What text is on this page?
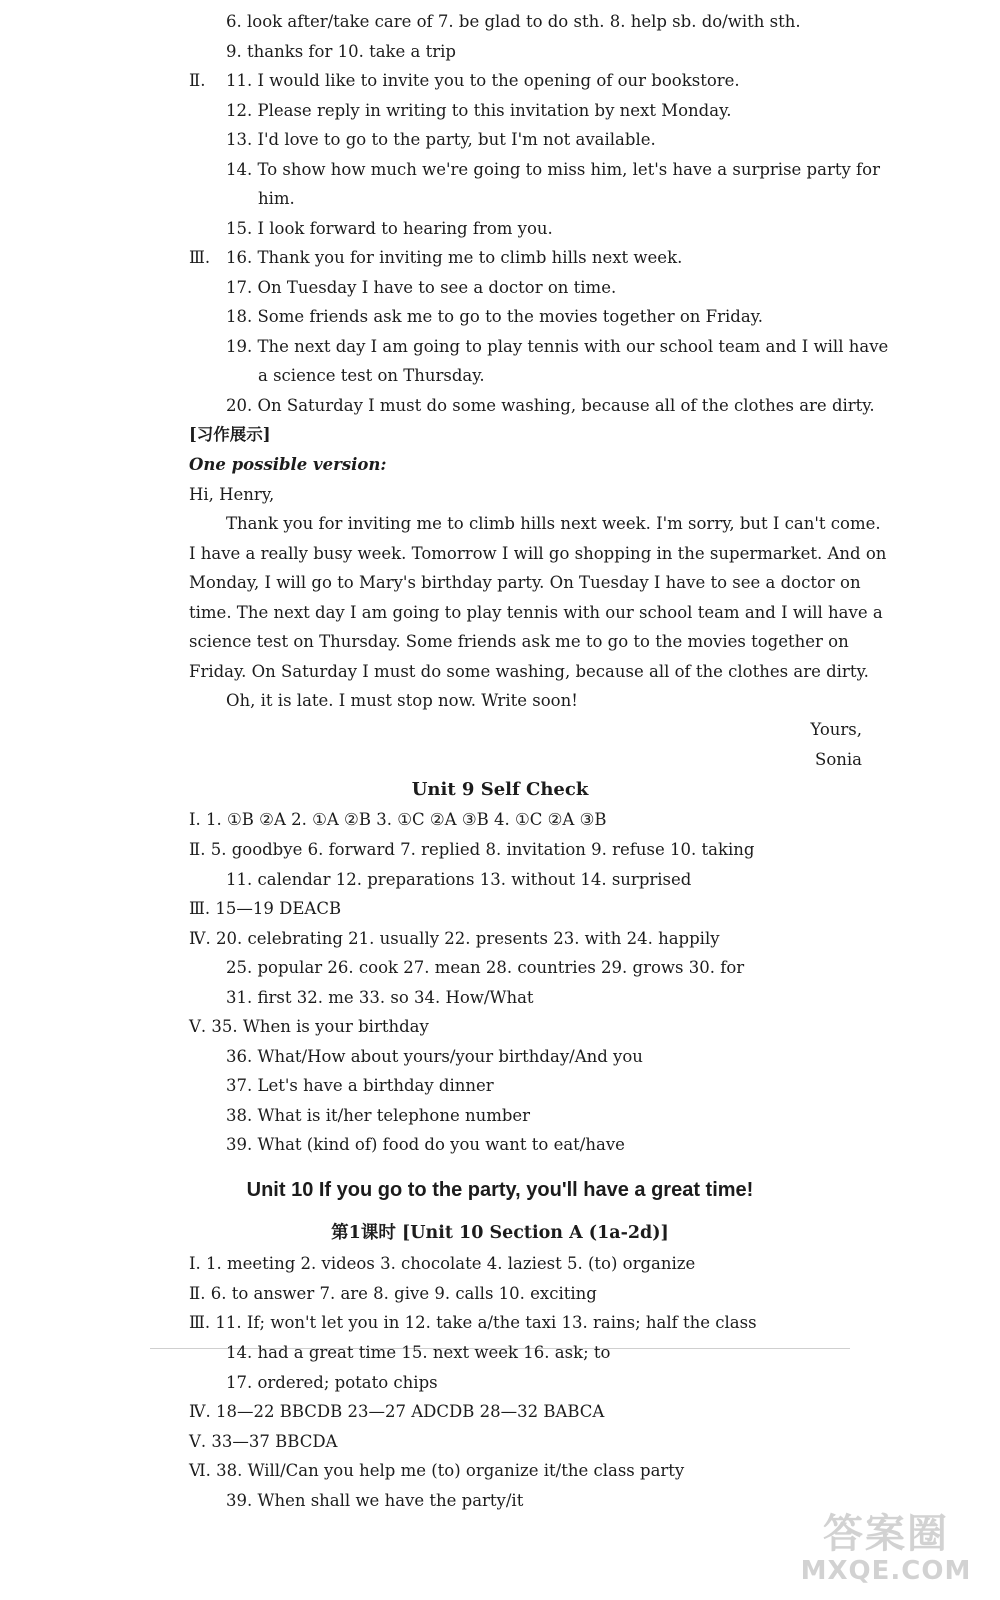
6. look after/take care of 7. be glad to do sth. 8. help sb. do/with sth.
9. thanks for 10. take a trip
Ⅱ. 11. I would like to invite you to the opening of our bookstore.
12. Please reply in writing to this invitation by next Monday.
13. I'd love to go to the party, but I'm not available.
14. To show how much we're going to miss him, let's have a surprise party for
him.
15. I look forward to hearing from you.
Ⅲ. 16. Thank you for inviting me to climb hills next week.
17. On Tuesday I have to see a doctor on time.
18. Some friends ask me to go to the movies together on Friday.
19. The next day I am going to play tennis with our school team and I will have
a science test on Thursday.
20. On Saturday I must do some washing, because all of the clothes are dirty.
[习作展示]
One possible version:
Hi, Henry,
Thank you for inviting me to climb hills next week. I'm sorry, but I can't come.
I have a really busy week. Tomorrow I will go shopping in the supermarket. And on
Monday, I will go to Mary's birthday party. On Tuesday I have to see a doctor on
time. The next day I am going to play tennis with our school team and I will have a
science test on Thursday. Some friends ask me to go to the movies together on
Friday. On Saturday I must do some washing, because all of the clothes are dirty.
Oh, it is late. I must stop now. Write soon!
Yours,
Sonia
Unit 9 Self Check
Ⅰ. 1. ①B ②A 2. ①A ②B 3. ①C ②A ③B 4. ①C ②A ③B
Ⅱ. 5. goodbye 6. forward 7. replied 8. invitation 9. refuse 10. taking
11. calendar 12. preparations 13. without 14. surprised
Ⅲ. 15—19 DEACB
Ⅳ. 20. celebrating 21. usually 22. presents 23. with 24. happily
25. popular 26. cook 27. mean 28. countries 29. grows 30. for
31. first 32. me 33. so 34. How/What
Ⅴ. 35. When is your birthday
36. What/How about yours/your birthday/And you
37. Let's have a birthday dinner
38. What is it/her telephone number
39. What (kind of) food do you want to eat/have
Unit 10 If you go to the party, you'll have a great time!
第1课时 [Unit 10 Section A (1a-2d)]
Ⅰ. 1. meeting 2. videos 3. chocolate 4. laziest 5. (to) organize
Ⅱ. 6. to answer 7. are 8. give 9. calls 10. exciting
Ⅲ. 11. If; won't let you in 12. take a/the taxi 13. rains; half the class
14. had a great time 15. next week 16. ask; to
17. ordered; potato chips
Ⅳ. 18—22 BBCDB 23—27 ADCDB 28—32 BABCA
Ⅴ. 33—37 BBCDA
Ⅵ. 38. Will/Can you help me (to) organize it/the class party
39. When shall we have the party/it
答案圈
MXQE.COM
